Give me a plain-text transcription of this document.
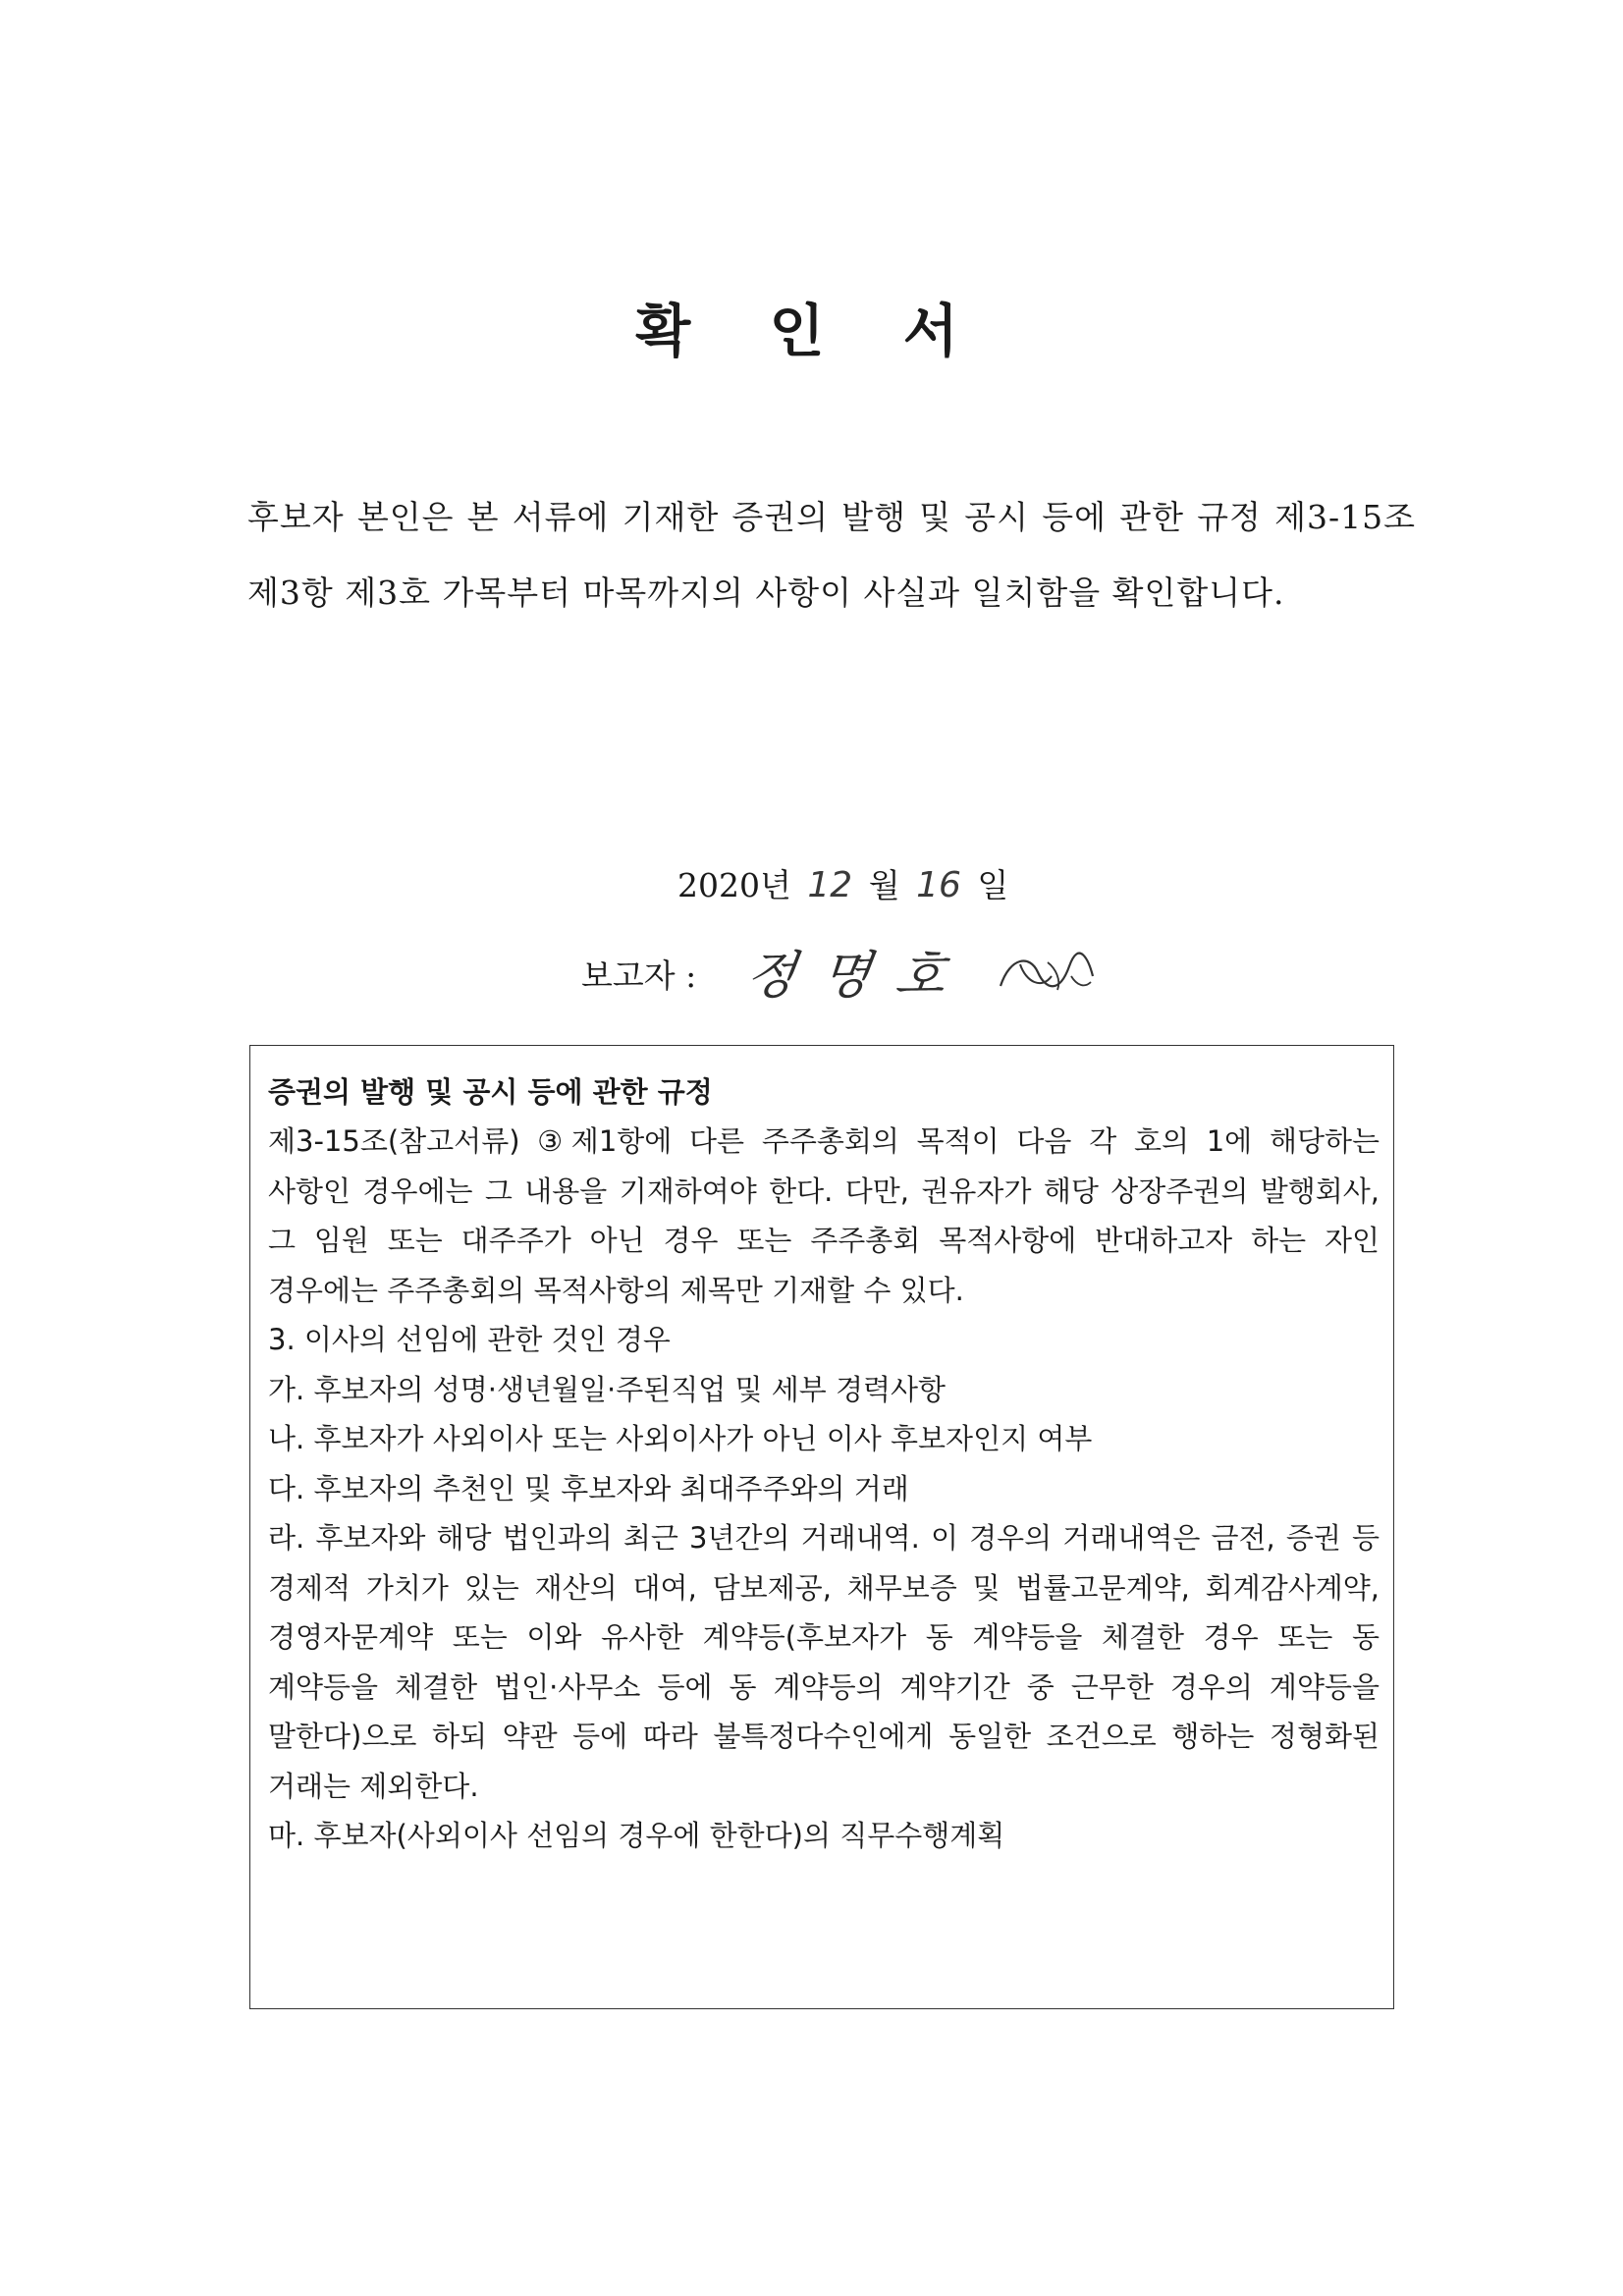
확 인 서

후보자 본인은 본 서류에 기재한 증권의 발행 및 공시 등에 관한 규정 제3-15조 제3항 제3호 가목부터 마목까지의 사항이 사실과 일치함을 확인합니다.

2020년 12 월 16 일
보고자 : 정명호

증권의 발행 및 공시 등에 관한 규정

제3-15조(참고서류) ③제1항에 다른 주주총회의 목적이 다음 각 호의 1에 해당하는 사항인 경우에는 그 내용을 기재하여야 한다. 다만, 권유자가 해당 상장주권의 발행회사, 그 임원 또는 대주주가 아닌 경우 또는 주주총회 목적사항에 반대하고자 하는 자인 경우에는 주주총회의 목적사항의 제목만 기재할 수 있다.

3. 이사의 선임에 관한 것인 경우

가. 후보자의 성명·생년월일·주된직업 및 세부 경력사항

나. 후보자가 사외이사 또는 사외이사가 아닌 이사 후보자인지 여부

다. 후보자의 추천인 및 후보자와 최대주주와의 거래

라. 후보자와 해당 법인과의 최근 3년간의 거래내역. 이 경우의 거래내역은 금전, 증권 등 경제적 가치가 있는 재산의 대여, 담보제공, 채무보증 및 법률고문계약, 회계감사계약, 경영자문계약 또는 이와 유사한 계약등(후보자가 동 계약등을 체결한 경우 또는 동 계약등을 체결한 법인·사무소 등에 동 계약등의 계약기간 중 근무한 경우의 계약등을 말한다)으로 하되 약관 등에 따라 불특정다수인에게 동일한 조건으로 행하는 정형화된 거래는 제외한다.

마. 후보자(사외이사 선임의 경우에 한한다)의 직무수행계획
